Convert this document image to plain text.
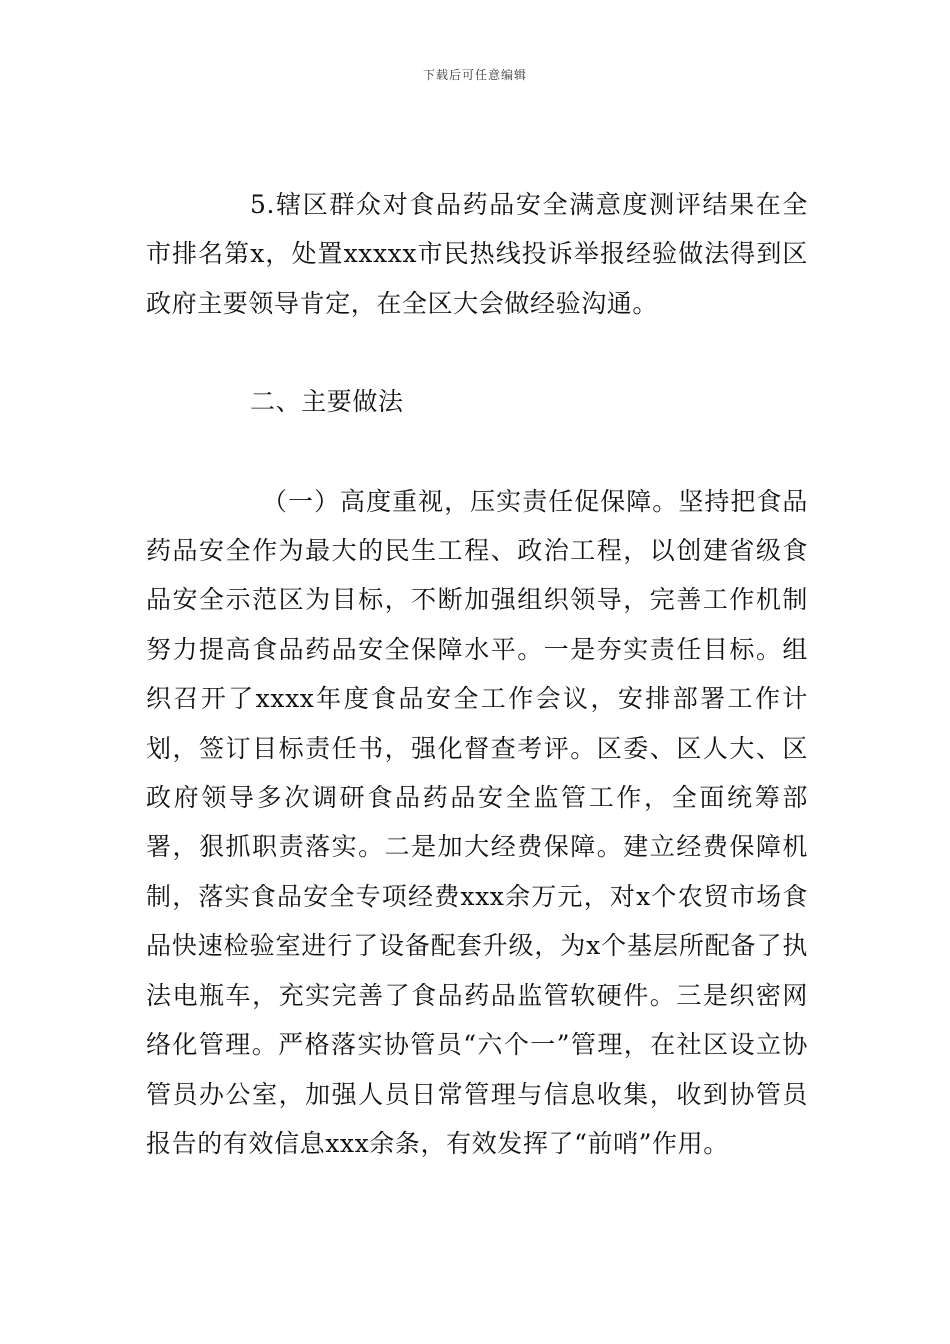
下载后可任意编辑

5.辖区群众对食品药品安全满意度测评结果在全市排名第x，处置xxxxx市民热线投诉举报经验做法得到区政府主要领导肯定，在全区大会做经验沟通。

二、主要做法

（一）高度重视，压实责任促保障。坚持把食品药品安全作为最大的民生工程、政治工程，以创建省级食品安全示范区为目标，不断加强组织领导，完善工作机制努力提高食品药品安全保障水平。一是夯实责任目标。组织召开了xxxx年度食品安全工作会议，安排部署工作计划，签订目标责任书，强化督查考评。区委、区人大、区政府领导多次调研食品药品安全监管工作，全面统筹部署，狠抓职责落实。二是加大经费保障。建立经费保障机制，落实食品安全专项经费xxx余万元，对x个农贸市场食品快速检验室进行了设备配套升级，为x个基层所配备了执法电瓶车，充实完善了食品药品监管软硬件。三是织密网络化管理。严格落实协管员“六个一”管理，在社区设立协管员办公室，加强人员日常管理与信息收集，收到协管员报告的有效信息xxx余条，有效发挥了“前哨”作用。
